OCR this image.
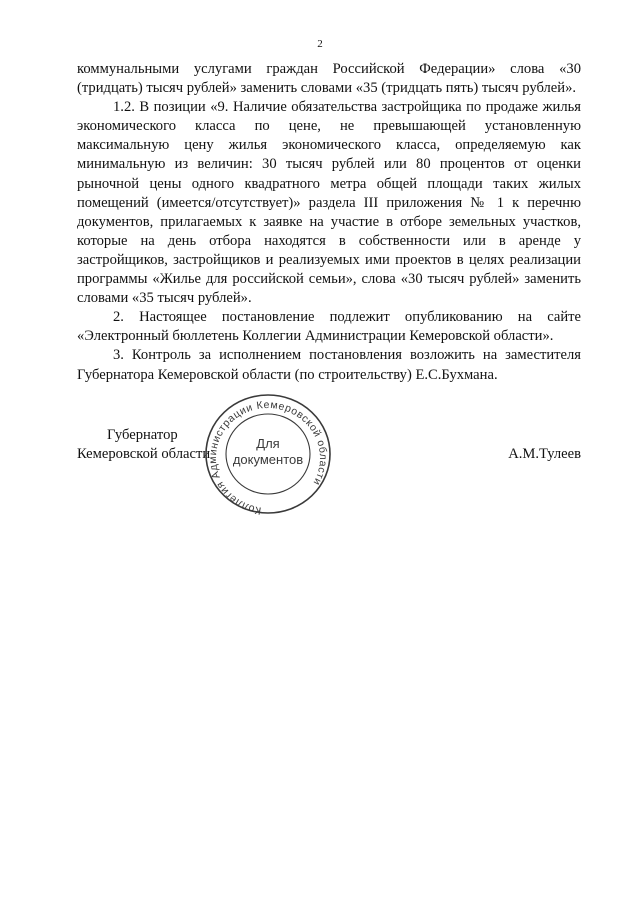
2

коммунальными услугами граждан Российской Федерации» слова «30 (тридцать) тысяч рублей» заменить словами «35 (тридцать пять) тысяч рублей».

1.2. В позиции «9. Наличие обязательства застройщика по продаже жилья экономического класса по цене, не превышающей установленную максимальную цену жилья экономического класса, определяемую как минимальную из величин: 30 тысяч рублей или 80 процентов от оценки рыночной цены одного квадратного метра общей площади таких жилых помещений (имеется/отсутствует)» раздела III приложения № 1 к перечню документов, прилагаемых к заявке на участие в отборе земельных участков, которые на день отбора находятся в собственности или в аренде у застройщиков, застройщиков и реализуемых ими проектов в целях реализации программы «Жилье для российской семьи», слова «30 тысяч рублей» заменить словами «35 тысяч рублей».

2. Настоящее постановление подлежит опубликованию на сайте «Электронный бюллетень Коллегии Администрации Кемеровской области».

3. Контроль за исполнением постановления возложить на заместителя Губернатора Кемеровской области (по строительству) Е.С.Бухмана.

Губернатор
Кемеровской области	А.М.Тулеев
Коллегия Администрации Кемеровской области
Для
документов
